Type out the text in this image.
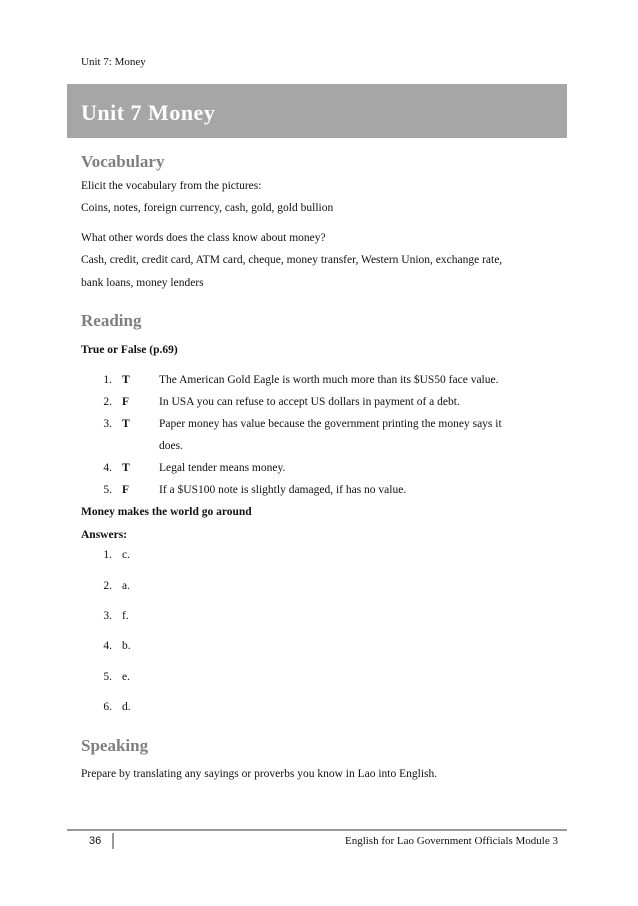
Unit 7: Money
Unit 7 Money
Vocabulary
Elicit the vocabulary from the pictures:
Coins, notes, foreign currency, cash, gold, gold bullion
What other words does the class know about money?
Cash, credit, credit card, ATM card, cheque, money transfer, Western Union, exchange rate,
bank loans, money lenders
Reading
True or False (p.69)
1. T	The American Gold Eagle is worth much more than its $US50 face value.
2. F	In USA you can refuse to accept US dollars in payment of a debt.
3. T	Paper money has value because the government printing the money says it
does.
4. T	Legal tender means money.
5. F	If a $US100 note is slightly damaged, if has no value.
Money makes the world go around
Answers:
1. c.
2. a.
3. f.
4. b.
5. e.
6. d.
Speaking
Prepare by translating any sayings or proverbs you know in Lao into English.
36	English for Lao Government Officials Module 3
